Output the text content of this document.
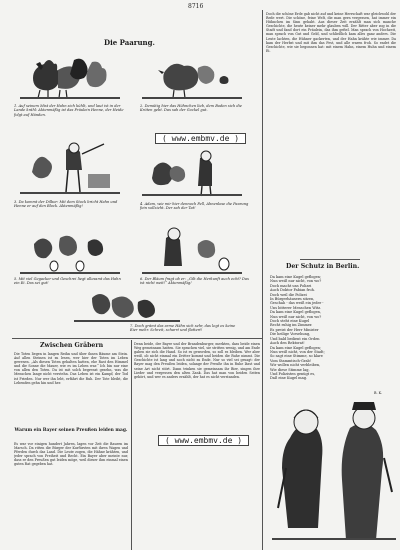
8716
Die Paarung.
1. Auf seinem Mist der Hahn sich kühlt, und laut ist in der Lande krähl: Aktenmäßig ist das Fräulein Henne, der Heide folgt auf Händen.
2. Demütig hier das Hühnchen lieb, dem Boden sich die Kröten gebt. Das sah der Gockel gut.
( www.embmv.de )
3. Da kommt der Dilbor: Mit dem Stock bricht Hahn und Henne er auf den Block. Aktenmäßig!
4. Adam, wie mir hier dennoch Fell, Ahnenlose die Paarung fein vollzieht. Der sah der Tat!
5. Mit viel Gegacker und Geschrei liegt allesamt das Hahn ein Ei. Das sei gut!
6. Der Bläum fragt ob er: „Gilt die Herkunft auch echt? Das ist nicht weit!“ Aktenmäßig!
7. Doch grämt das arme Hähn sich sehr, das legt es keine Eier mehr. Schreit, scharrt und flattert!
Zwischen Gräbern
Die Toten liegen in langen Reihn und über ihnen Bäume am Stein. Auf allen Steinen ist zu lesen, wer hier der Toten im Leben gewesen. „Als diesen Toten gehalten hatten, ehe Rast den Himmel und die Sonne die Mauer, wie es im Leben war.“ Ich bin nur eine von allen den Toten. Da ist mit solch begrenzt gesehn, was die Menschen lange nicht verstehn. Das Leben ist ein Kampf, der Tod ist Frieden. Nur wer ihn lebt, erfährt die Ruh. Der Tote bleibt, die Lebenden gehn hin und her.
Warum ein Bayer seinen Preußen leiden mag.
Es war vor einigen hundert Jahren, lagen vor Zeit die Bauern im Marsch. Da ritten die Bürger der Kurfürsten mit ihren Wagen und Pferden durch das Land. Die Leute zogen, die Hähne krähten, und jeder sprach von Freiheit und Recht. Ein Bayer aber meinte nur, dass er den Preußen gut leiden möge, weil dieser ihm einmal einen guten Rat gegeben hat.
Denn beide, der Bayer und der Brandenburger, merkten, dass beide einen Weg gemeinsam hatten. Sie sprachen viel, sie stritten wenig, und am Ende gaben sie sich die Hand. So ist es geworden, so soll es bleiben. Wer aber weiß, ob nicht einmal ein Dritter kommt und beiden die Ruhe nimmt. Die Geschichte ist lang und noch nicht zu Ende. Nur so viel sei gesagt: der Bayer mag den Preußen leiden, solange der Preuße ihn in Ruhe lässt und seine Art nicht stört. Dann trinken sie gemeinsam ihr Bier, singen ihre Lieder und vergessen den alten Zank. Das hat man von beiden Seiten gehört, und wer es anders erzählt, der hat es nicht verstanden.
( www.embmv.de )
Doch die schöne Erde gab nicht auf und keine Herrschaft war gleichwohl der Rede wert. Die schöne, feine Welt, die man gern vergessen, hat immer ein Hühnchen im Sinn gehabt. Aus dieser Zeit erzählt man sich manche Geschichte, die heute keiner mehr glauben will. Der Ritter aber zog in die Stadt und fand dort ein Fräulein, das ihm gefiel. Man sprach von Hochzeit, man sprach von Gut und Geld, und schließlich kam alles ganz anders. Die Leute lachten, die Hühner gackerten, und der Hahn krähte wie immer. Da kam der Herbst und mit ihm das Fest, und alle waren froh. So endet die Geschichte, wie sie begonnen hat: mit einem Hahn, einem Huhn und einem Ei.
Der Schutz in Berlin.
Da kam eine Kugel geflogen;
Nun weiß nur nicht, von wo?
Doch macht uns Polizei
Auch Doktor Fabian froh.
Doch weil die Polizei
In Bürgerhäusern sitzen,
Geschah - das weiß ein jeder -
Uns bitterer Menschen Witz.
Da kam eine Kugel geflogen,
Nun weiß nur nicht, von wo?
Doch steht eine Kugel
Recht ruhig im Zimmer.
Es preist der Herr Minister
Die heilige Vorsehung,
Und bald bedient ein Orden
Auch den Rektorat!
Da kam eine Kugel geflogen;
Nun weiß nicht, von der Stadt;
So sagt eine Stimme, so klare
Vom Stammtisch-Grab!
Wir wollen nicht verbleiben,
Wie diese Stimme lag,
Und Polizisten genügt es,
Daß eine Kugel mag.
B. K.
